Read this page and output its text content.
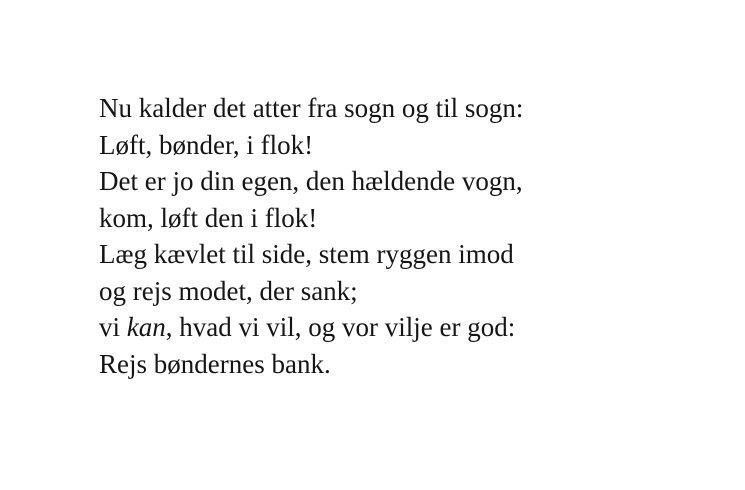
Nu kalder det atter fra sogn og til sogn:
Løft, bønder, i flok!
Det er jo din egen, den hældende vogn,
kom, løft den i flok!
Læg kævlet til side, stem ryggen imod
og rejs modet, der sank;
vi kan, hvad vi vil, og vor vilje er god:
Rejs bøndernes bank.
